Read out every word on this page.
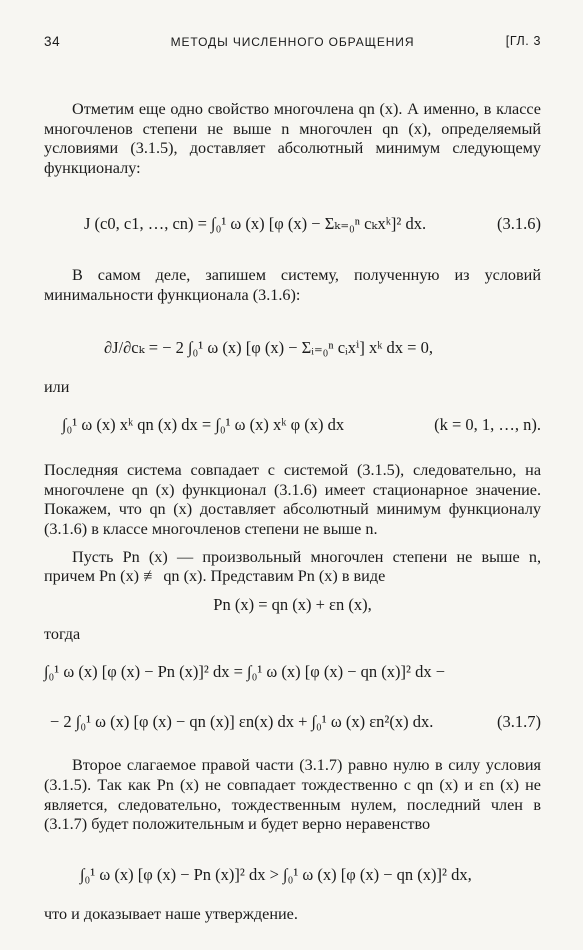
34	МЕТОДЫ ЧИСЛЕННОГО ОБРАЩЕНИЯ	[ГЛ. 3

Отметим еще одно свойство многочлена qn (x). А именно, в классе многочленов степени не выше n многочлен qn (x), определяемый условиями (3.1.5), доставляет абсолютный минимум следующему функционалу:

J (c0, c1, …, cn) = ∫₀¹ ω (x) [φ (x) − Σₖ₌₀ⁿ cₖxᵏ]² dx.	(3.1.6)

В самом деле, запишем систему, полученную из условий минимальности функционала (3.1.6):

∂J/∂cₖ = − 2 ∫₀¹ ω (x) [φ (x) − Σᵢ₌₀ⁿ cᵢxⁱ] xᵏ dx = 0,

или

∫₀¹ ω (x) xᵏ qn (x) dx = ∫₀¹ ω (x) xᵏ φ (x) dx	(k = 0, 1, …, n).

Последняя система совпадает с системой (3.1.5), следовательно, на многочлене qn (x) функционал (3.1.6) имеет стационарное значение. Покажем, что qn (x) доставляет абсолютный минимум функционалу (3.1.6) в классе многочленов степени не выше n.

Пусть Pn (x) — произвольный многочлен степени не выше n, причем Pn (x) ≢ qn (x). Представим Pn (x) в виде

Pn (x) = qn (x) + εn (x),

тогда

∫₀¹ ω (x) [φ (x) − Pn (x)]² dx = ∫₀¹ ω (x) [φ (x) − qn (x)]² dx −
− 2 ∫₀¹ ω (x) [φ (x) − qn (x)] εn(x) dx + ∫₀¹ ω (x) εn²(x) dx.	(3.1.7)

Второе слагаемое правой части (3.1.7) равно нулю в силу условия (3.1.5). Так как Pn (x) не совпадает тождественно с qn (x) и εn (x) не является, следовательно, тождественным нулем, последний член в (3.1.7) будет положительным и будет верно неравенство

∫₀¹ ω (x) [φ (x) − Pn (x)]² dx > ∫₀¹ ω (x) [φ (x) − qn (x)]² dx,

что и доказывает наше утверждение.
